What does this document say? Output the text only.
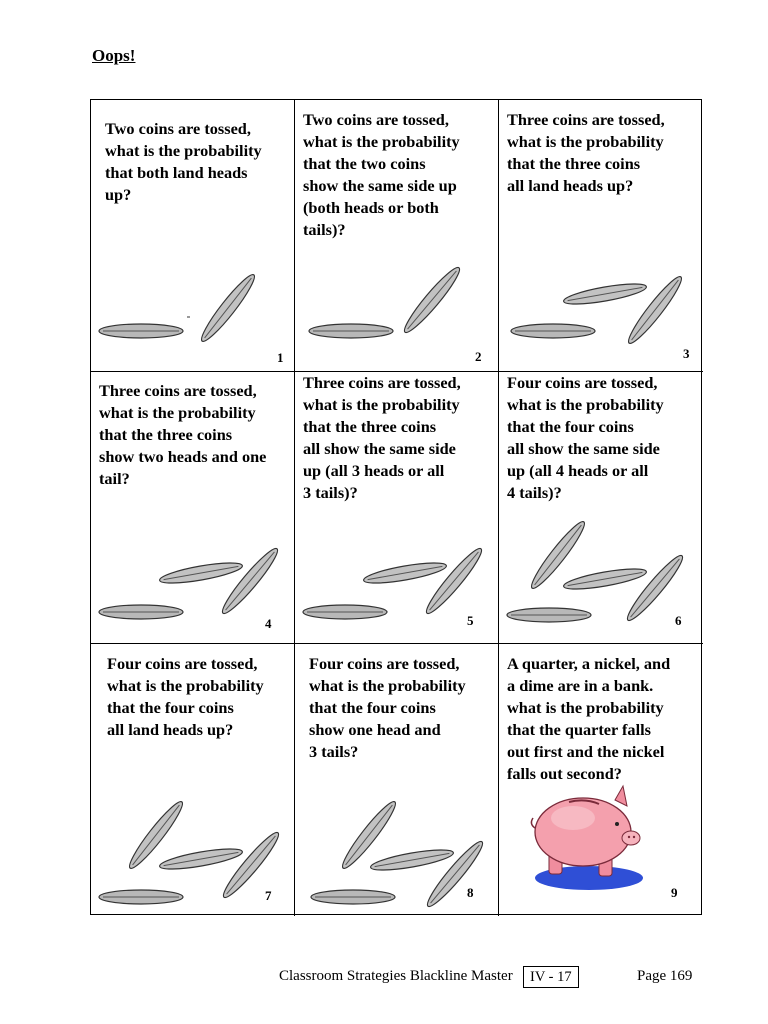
Oops!
Two coins are tossed,
what is the probability
that both land heads
up?
1
Two coins are tossed,
what is the probability
that the two coins
show the same side up
(both heads or both
tails)?
2
Three coins are tossed,
what is the probability
that the three coins
all land heads up?
3
Three coins are tossed,
what is the probability
that the three coins
show two heads and one
tail?
4
Three coins are tossed,
what is the probability
that the three coins
all show the same side
up (all 3 heads or all
3 tails)?
5
Four coins are tossed,
what is the probability
that the four coins
all show the same side
up (all 4 heads or all
4 tails)?
6
Four coins are tossed,
what is the probability
that the four coins
all land heads up?
7
Four coins are tossed,
what is the probability
that the four coins
show one head and
3 tails?
8
A quarter, a nickel, and
a dime are in a bank.
what is the probability
that the quarter falls
out first and the nickel
falls out second?
9
Classroom Strategies Blackline Master	IV - 17	Page 169
